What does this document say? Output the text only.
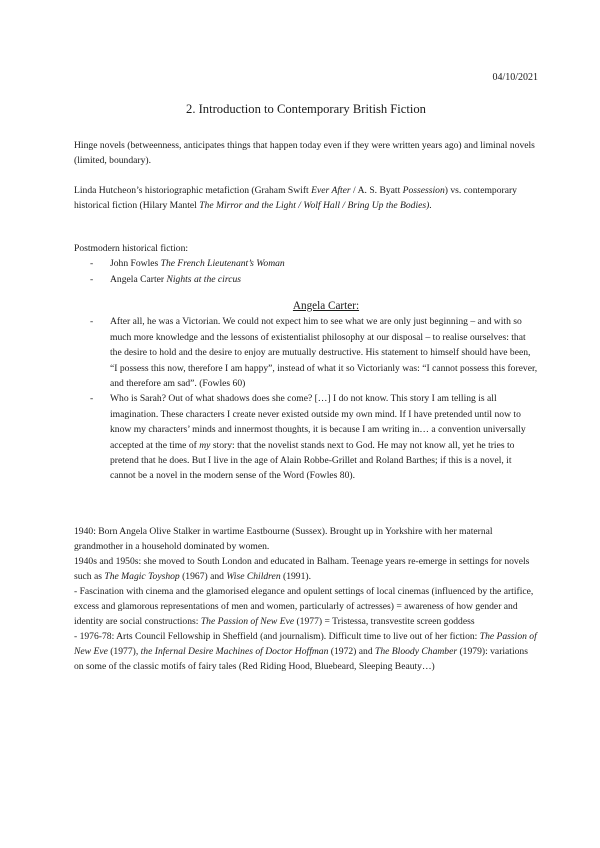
04/10/2021
2. Introduction to Contemporary British Fiction

Hinge novels (betweenness, anticipates things that happen today even if they were written years ago) and liminal novels (limited, boundary).

Linda Hutcheon’s historiographic metafiction (Graham Swift Ever After / A. S. Byatt Possession) vs. contemporary historical fiction (Hilary Mantel The Mirror and the Light / Wolf Hall / Bring Up the Bodies).

Postmodern historical fiction:

- John Fowles The French Lieutenant’s Woman
- Angela Carter Nights at the circus
Angela Carter:
- After all, he was a Victorian. We could not expect him to see what we are only just beginning – and with so much more knowledge and the lessons of existentialist philosophy at our disposal – to realise ourselves: that the desire to hold and the desire to enjoy are mutually destructive. His statement to himself should have been, “I possess this now, therefore I am happy”, instead of what it so Victorianly was: “I cannot possess this forever, and therefore am sad”. (Fowles 60)
- Who is Sarah? Out of what shadows does she come? […] I do not know. This story I am telling is all imagination. These characters I create never existed outside my own mind. If I have pretended until now to know my characters’ minds and innermost thoughts, it is because I am writing in… a convention universally accepted at the time of my story: that the novelist stands next to God. He may not know all, yet he tries to pretend that he does. But I live in the age of Alain Robbe-Grillet and Roland Barthes; if this is a novel, it cannot be a novel in the modern sense of the Word (Fowles 80).

1940: Born Angela Olive Stalker in wartime Eastbourne (Sussex). Brought up in Yorkshire with her maternal grandmother in a household dominated by women.

1940s and 1950s: she moved to South London and educated in Balham. Teenage years re-emerge in settings for novels such as The Magic Toyshop (1967) and Wise Children (1991).

- Fascination with cinema and the glamorised elegance and opulent settings of local cinemas (influenced by the artifice, excess and glamorous representations of men and women, particularly of actresses) = awareness of how gender and identity are social constructions: The Passion of New Eve (1977) = Tristessa, transvestite screen goddess

- 1976-78: Arts Council Fellowship in Sheffield (and journalism). Difficult time to live out of her fiction: The Passion of New Eve (1977), the Infernal Desire Machines of Doctor Hoffman (1972) and The Bloody Chamber (1979): variations on some of the classic motifs of fairy tales (Red Riding Hood, Bluebeard, Sleeping Beauty…)
